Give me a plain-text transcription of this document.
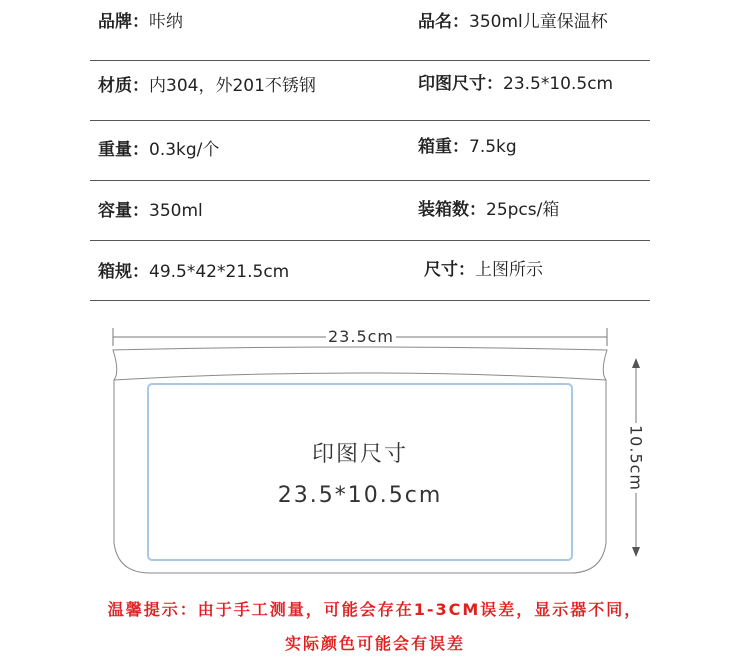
品牌：咔纳	品名：350ml儿童保温杯
材质：内304，外201不锈钢	印图尺寸：23.5*10.5cm
重量：0.3kg/个	箱重：7.5kg
容量：350ml	装箱数：25pcs/箱
箱规：49.5*42*21.5cm	尺寸：上图所示
23.5cm
10.5cm
印图尺寸
23.5*10.5cm
温馨提示：由于手工测量，可能会存在1-3CM误差，显示器不同，
实际颜色可能会有误差
